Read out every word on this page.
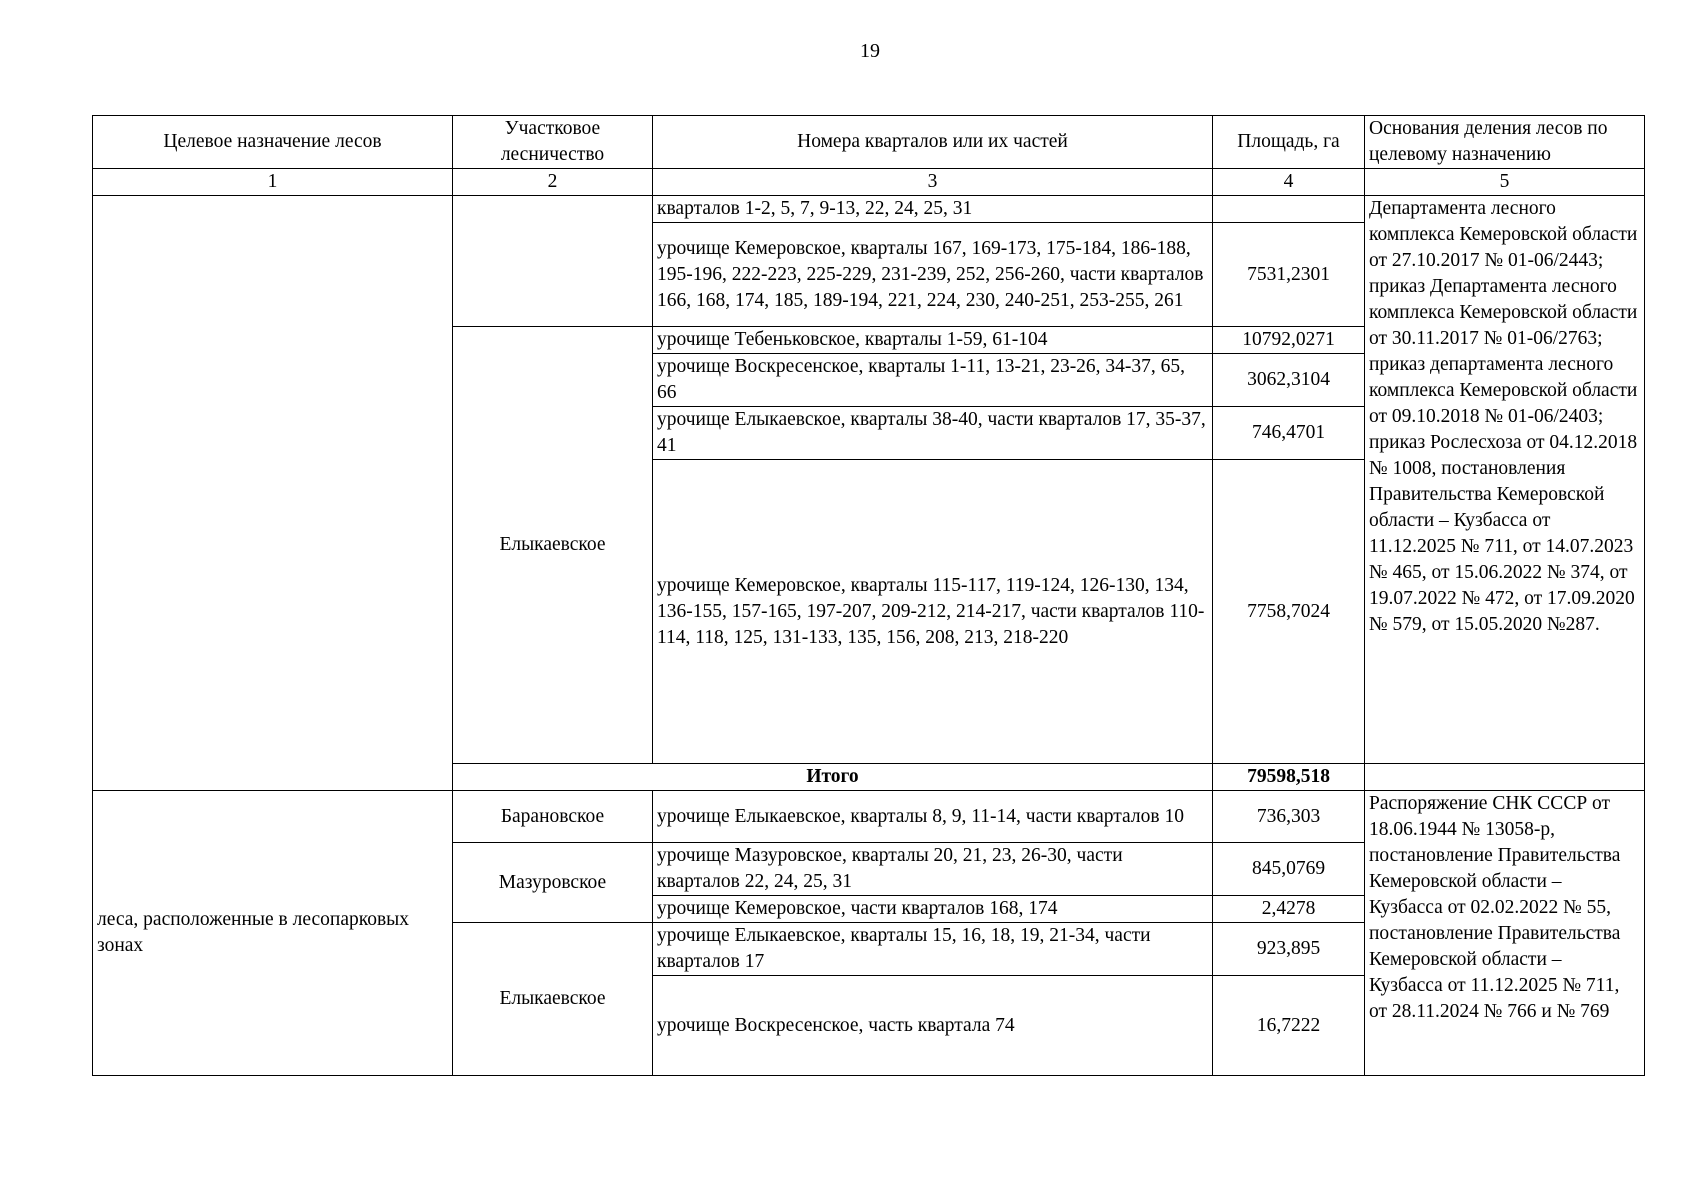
19
Целевое назначение лесов	Участковое лесничество	Номера кварталов или их частей	Площадь, га	Основания деления лесов по целевому назначению
1	2	3	4	5
		кварталов 1-2, 5, 7, 9-13, 22, 24, 25, 31		Департамента лесного комплекса Кемеровской области от 27.10.2017 № 01-06/2443; приказ Департамента лесного комплекса Кемеровской области от 30.11.2017 № 01-06/2763; приказ департамента лесного комплекса Кемеровской области от 09.10.2018 № 01-06/2403; приказ Рослесхоза от 04.12.2018 № 1008, постановления Правительства Кемеровской области – Кузбасса от 11.12.2025 № 711, от 14.07.2023 № 465, от 15.06.2022 № 374, от 19.07.2022 № 472, от 17.09.2020 № 579, от 15.05.2020 №287.
		урочище Кемеровское, кварталы 167, 169-173, 175-184, 186-188, 195-196, 222-223, 225-229, 231-239, 252, 256-260, части кварталов 166, 168, 174, 185, 189-194, 221, 224, 230, 240-251, 253-255, 261	7531,2301	
	Елыкаевское	урочище Тебеньковское, кварталы 1-59, 61-104	10792,0271	
		урочище Воскресенское, кварталы 1-11, 13-21, 23-26, 34-37, 65, 66	3062,3104	
		урочище Елыкаевское, кварталы 38-40, части кварталов 17, 35-37, 41	746,4701	
		урочище Кемеровское, кварталы 115-117, 119-124, 126-130, 134, 136-155, 157-165, 197-207, 209-212, 214-217, части кварталов 110-114, 118, 125, 131-133, 135, 156, 208, 213, 218-220	7758,7024	
	Итого		79598,518	
леса, расположенные в лесопарковых зонах	Барановское	урочище Елыкаевское, кварталы 8, 9, 11-14, части кварталов 10	736,303	Распоряжение СНК СССР от 18.06.1944 № 13058-р, постановление Правительства Кемеровской области – Кузбасса от 02.02.2022 № 55, постановление Правительства Кемеровской области – Кузбасса от 11.12.2025 № 711, от 28.11.2024 № 766 и № 769
	Мазуровское	урочище Мазуровское, кварталы 20, 21, 23, 26-30, части кварталов 22, 24, 25, 31	845,0769	
		урочище Кемеровское, части кварталов 168, 174	2,4278	
	Елыкаевское	урочище Елыкаевское, кварталы 15, 16, 18, 19, 21-34, части кварталов 17	923,895	
		урочище Воскресенское, часть квартала 74	16,7222	
